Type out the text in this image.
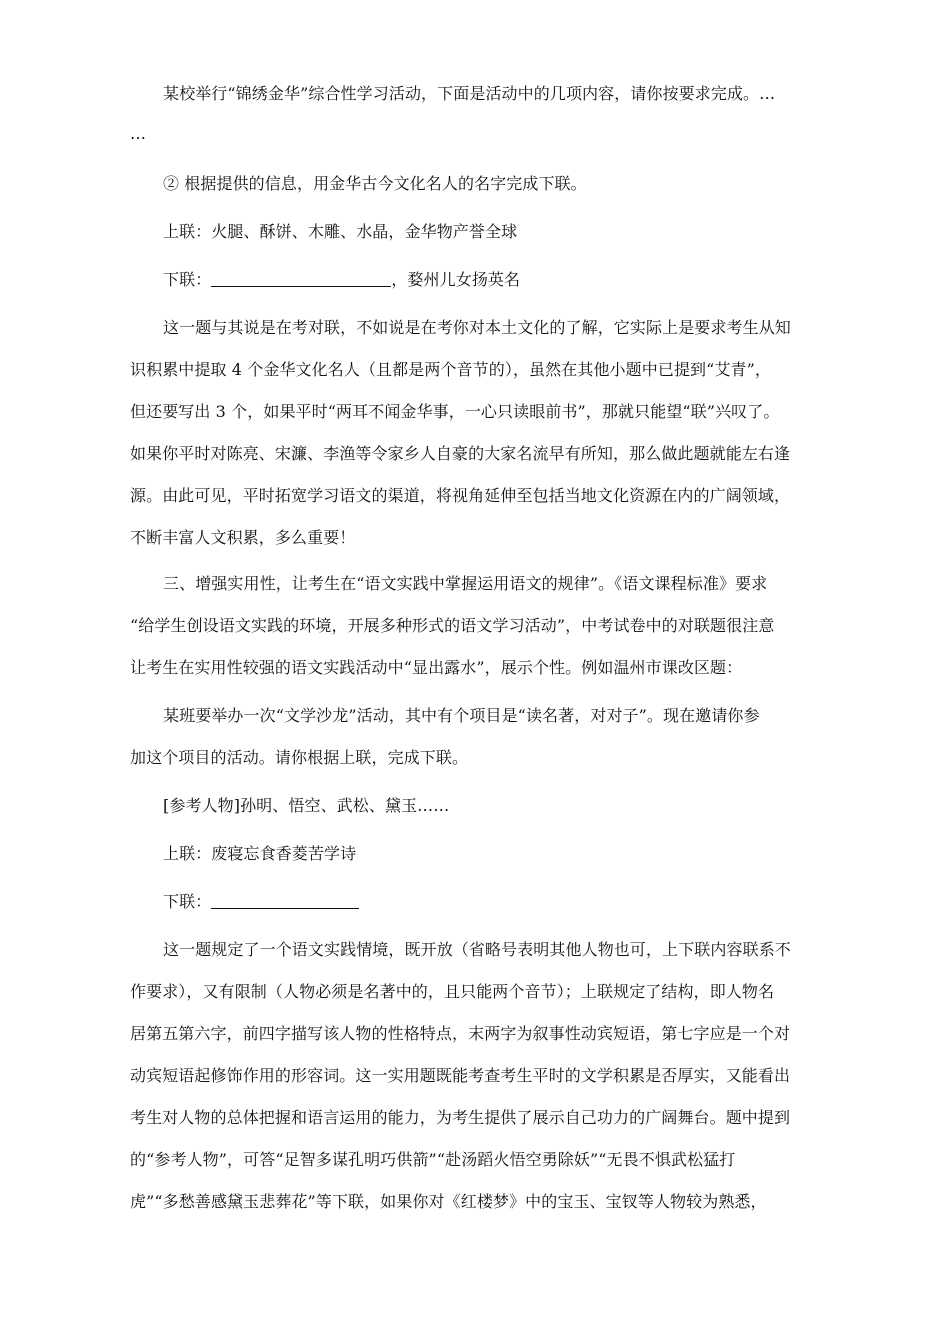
某校举行“锦绣金华”综合性学习活动，下面是活动中的几项内容，请你按要求完成。…
…
② 根据提供的信息，用金华古今文化名人的名字完成下联。
上联：火腿、酥饼、木雕、水晶，金华物产誉全球
下联：	，婺州儿女扬英名
这一题与其说是在考对联，不如说是在考你对本土文化的了解，它实际上是要求考生从知
识积累中提取 4 个金华文化名人（且都是两个音节的），虽然在其他小题中已提到“艾青”，
但还要写出 3 个，如果平时“两耳不闻金华事，一心只读眼前书”，那就只能望“联”兴叹了。
如果你平时对陈亮、宋濂、李渔等令家乡人自豪的大家名流早有所知，那么做此题就能左右逢
源。由此可见，平时拓宽学习语文的渠道，将视角延伸至包括当地文化资源在内的广阔领域，
不断丰富人文积累，多么重要！
三、增强实用性，让考生在“语文实践中掌握运用语文的规律”。《语文课程标准》要求
“给学生创设语文实践的环境，开展多种形式的语文学习活动”，中考试卷中的对联题很注意
让考生在实用性较强的语文实践活动中“显出露水”，展示个性。例如温州市课改区题：
某班要举办一次“文学沙龙”活动，其中有个项目是“读名著，对对子”。现在邀请你参
加这个项目的活动。请你根据上联，完成下联。
[参考人物]孙明、悟空、武松、黛玉……
上联：废寝忘食香菱苦学诗
下联：
这一题规定了一个语文实践情境，既开放（省略号表明其他人物也可，上下联内容联系不
作要求），又有限制（人物必须是名著中的，且只能两个音节）；上联规定了结构，即人物名
居第五第六字，前四字描写该人物的性格特点，末两字为叙事性动宾短语，第七字应是一个对
动宾短语起修饰作用的形容词。这一实用题既能考查考生平时的文学积累是否厚实，又能看出
考生对人物的总体把握和语言运用的能力，为考生提供了展示自己功力的广阔舞台。题中提到
的“参考人物”，可答“足智多谋孔明巧供箭”“赴汤蹈火悟空勇除妖”“无畏不惧武松猛打
虎”“多愁善感黛玉悲葬花”等下联，如果你对《红楼梦》中的宝玉、宝钗等人物较为熟悉，
